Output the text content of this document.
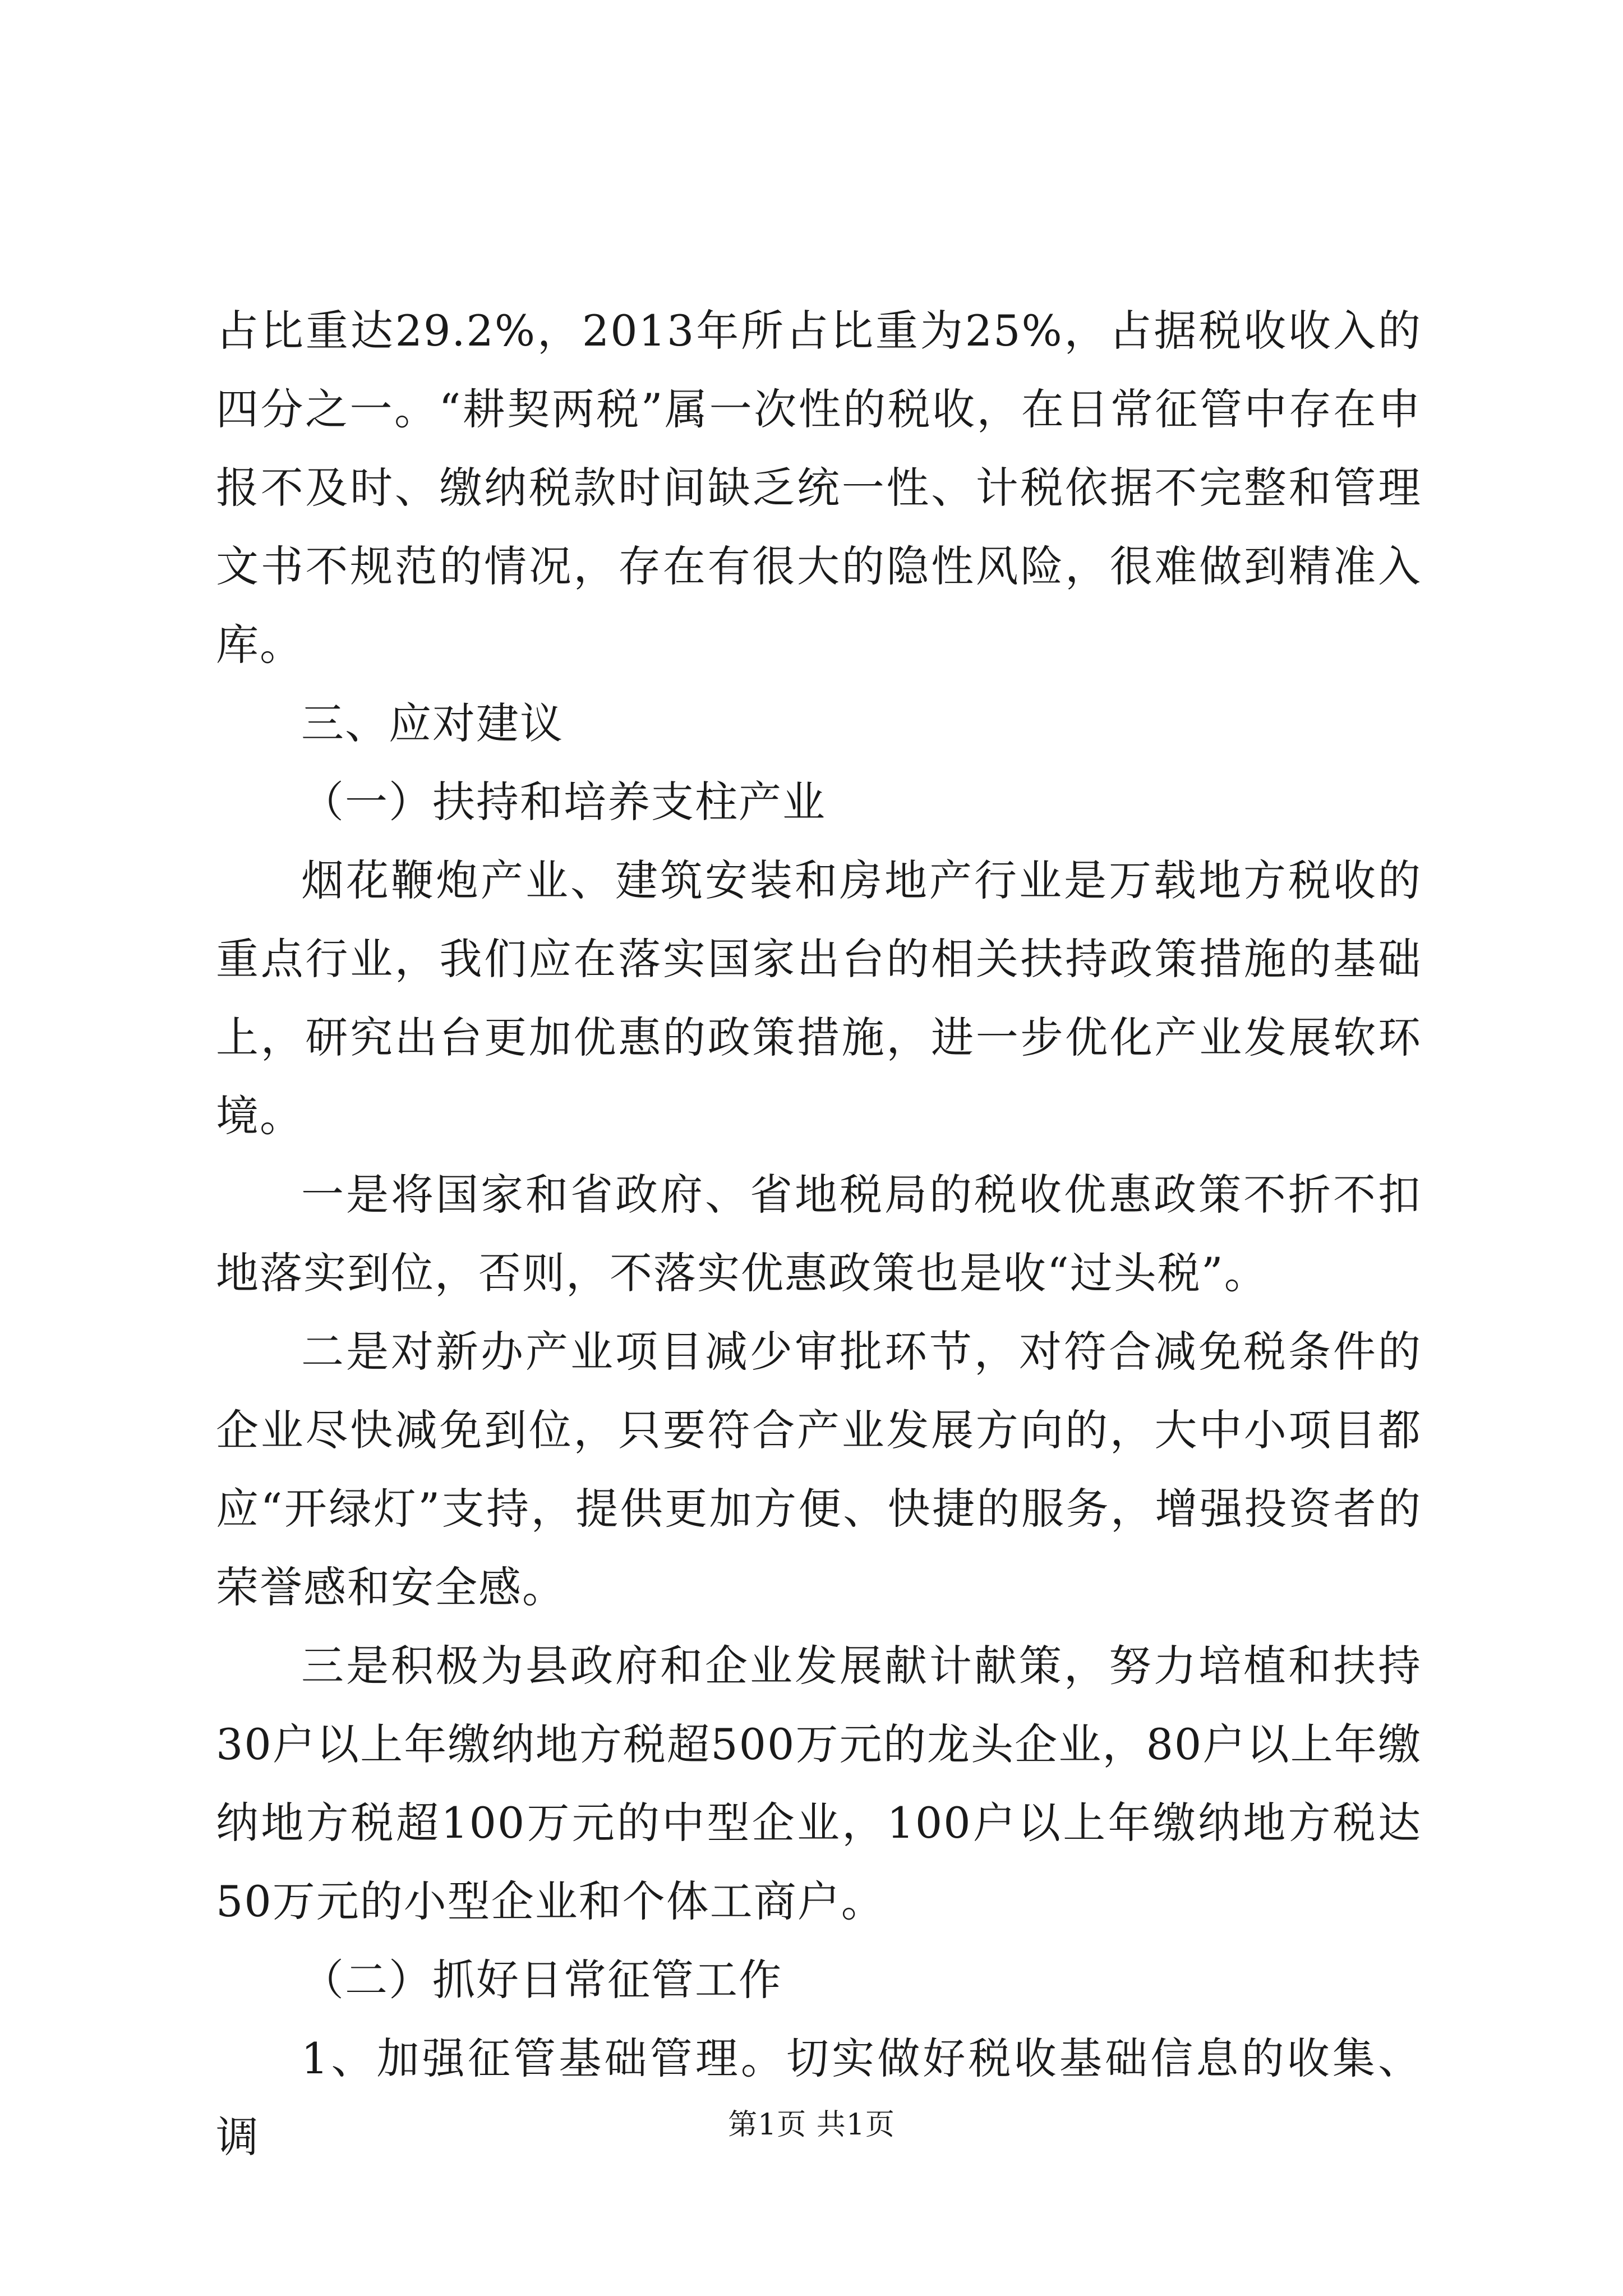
占比重达29.2%，2013年所占比重为25%，占据税收收入的四分之一。“耕契两税”属一次性的税收，在日常征管中存在申报不及时、缴纳税款时间缺乏统一性、计税依据不完整和管理文书不规范的情况，存在有很大的隐性风险，很难做到精准入库。

三、应对建议

（一）扶持和培养支柱产业

烟花鞭炮产业、建筑安装和房地产行业是万载地方税收的重点行业，我们应在落实国家出台的相关扶持政策措施的基础上，研究出台更加优惠的政策措施，进一步优化产业发展软环境。

一是将国家和省政府、省地税局的税收优惠政策不折不扣地落实到位，否则，不落实优惠政策也是收“过头税”。

二是对新办产业项目减少审批环节，对符合减免税条件的企业尽快减免到位，只要符合产业发展方向的，大中小项目都应“开绿灯”支持，提供更加方便、快捷的服务，增强投资者的荣誉感和安全感。

三是积极为县政府和企业发展献计献策，努力培植和扶持30户以上年缴纳地方税超500万元的龙头企业，80户以上年缴纳地方税超100万元的中型企业，100户以上年缴纳地方税达50万元的小型企业和个体工商户。

（二）抓好日常征管工作

1、加强征管基础管理。切实做好税收基础信息的收集、调	第1页 共1页
